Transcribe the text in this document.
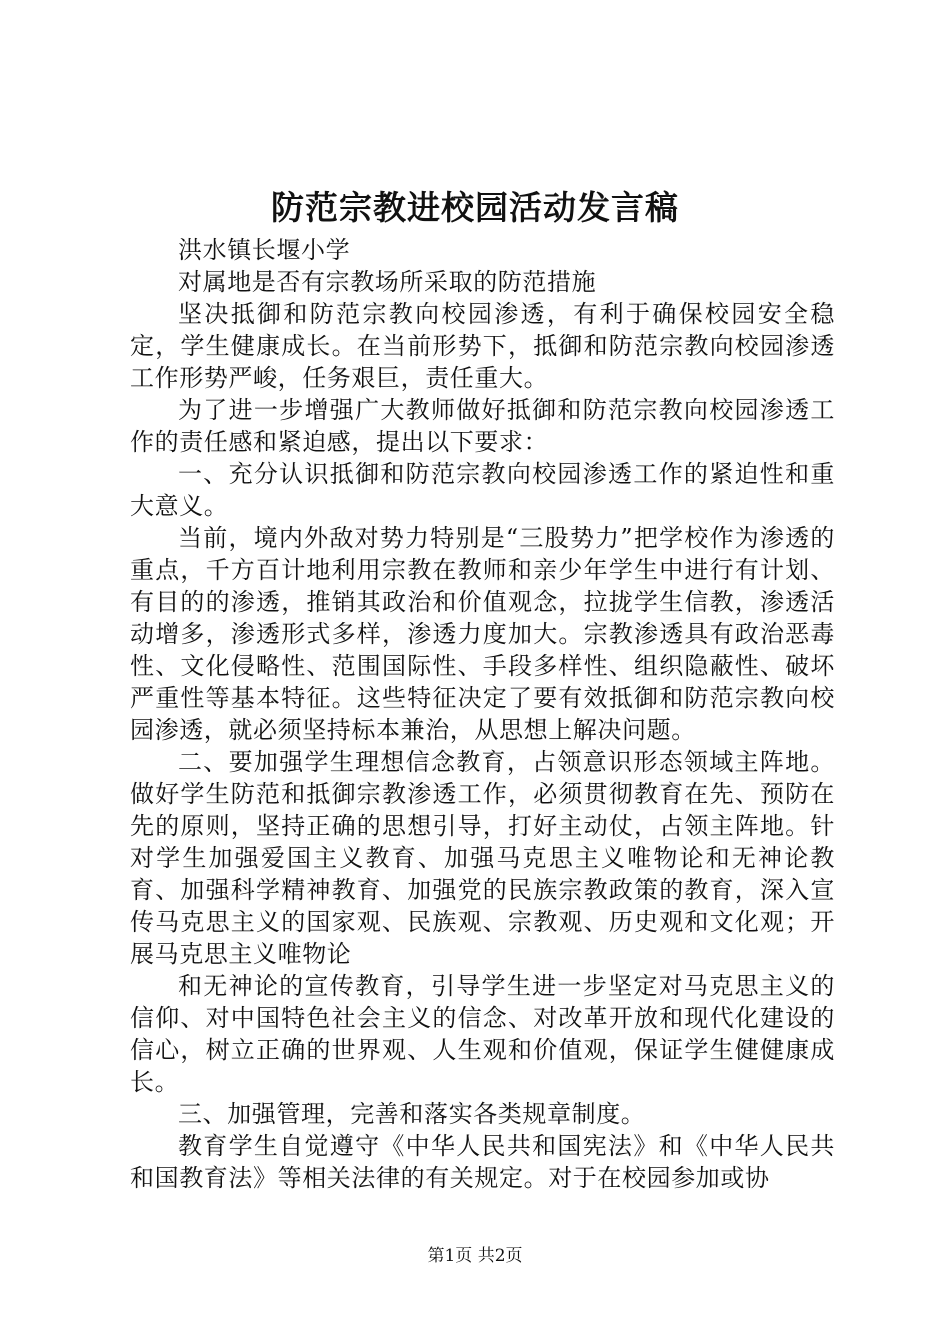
防范宗教进校园活动发言稿

洪水镇长堰小学

对属地是否有宗教场所采取的防范措施

坚决抵御和防范宗教向校园渗透，有利于确保校园安全稳定，学生健康成长。在当前形势下，抵御和防范宗教向校园渗透工作形势严峻，任务艰巨，责任重大。

为了进一步增强广大教师做好抵御和防范宗教向校园渗透工作的责任感和紧迫感，提出以下要求：

一、充分认识抵御和防范宗教向校园渗透工作的紧迫性和重大意义。

当前，境内外敌对势力特别是“三股势力”把学校作为渗透的重点，千方百计地利用宗教在教师和亲少年学生中进行有计划、有目的的渗透，推销其政治和价值观念，拉拢学生信教，渗透活动增多，渗透形式多样，渗透力度加大。宗教渗透具有政治恶毒性、文化侵略性、范围国际性、手段多样性、组织隐蔽性、破坏严重性等基本特征。这些特征决定了要有效抵御和防范宗教向校园渗透，就必须坚持标本兼治，从思想上解决问题。

二、要加强学生理想信念教育，占领意识形态领域主阵地。做好学生防范和抵御宗教渗透工作，必须贯彻教育在先、预防在先的原则，坚持正确的思想引导，打好主动仗，占领主阵地。针对学生加强爱国主义教育、加强马克思主义唯物论和无神论教育、加强科学精神教育、加强党的民族宗教政策的教育，深入宣传马克思主义的国家观、民族观、宗教观、历史观和文化观；开展马克思主义唯物论

和无神论的宣传教育，引导学生进一步坚定对马克思主义的信仰、对中国特色社会主义的信念、对改革开放和现代化建设的信心，树立正确的世界观、人生观和价值观，保证学生健健康成长。

三、加强管理，完善和落实各类规章制度。

教育学生自觉遵守《中华人民共和国宪法》和《中华人民共和国教育法》等相关法律的有关规定。对于在校园参加或协

第1页 共2页
